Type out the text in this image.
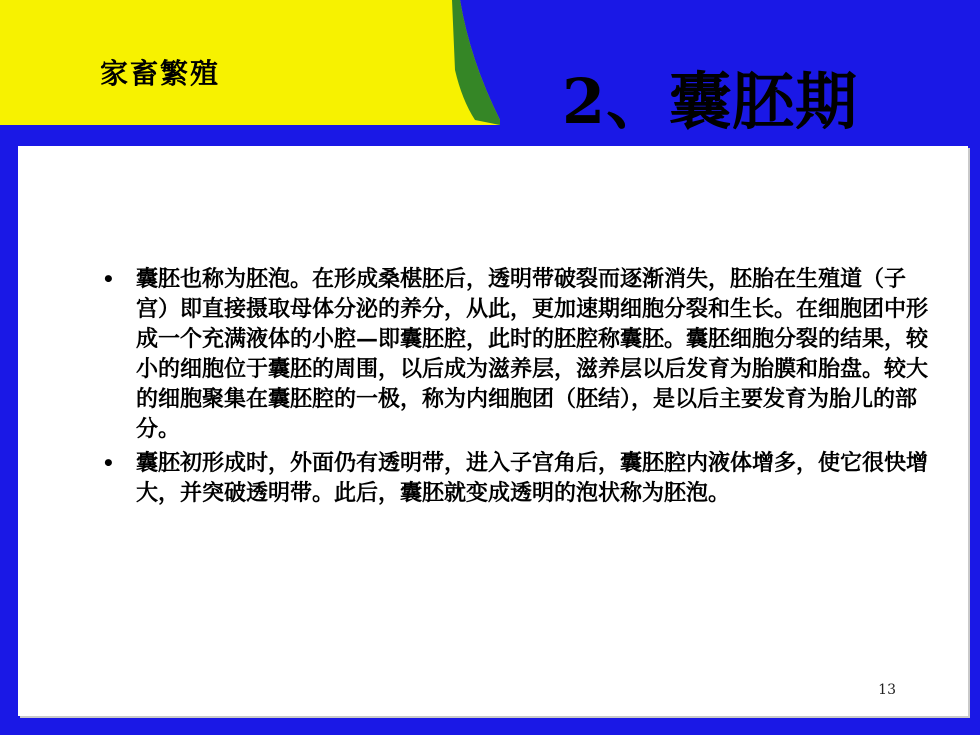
家畜繁殖	2、囊胚期
• 囊胚也称为胚泡。在形成桑椹胚后，透明带破裂而逐渐消失，胚胎在生殖道（子宫）即直接摄取母体分泌的养分，从此，更加速期细胞分裂和生长。在细胞团中形成一个充满液体的小腔—即囊胚腔，此时的胚腔称囊胚。囊胚细胞分裂的结果，较小的细胞位于囊胚的周围，以后成为滋养层，滋养层以后发育为胎膜和胎盘。较大的细胞聚集在囊胚腔的一极，称为内细胞团（胚结），是以后主要发育为胎儿的部分。
• 囊胚初形成时，外面仍有透明带，进入子宫角后，囊胚腔内液体增多，使它很快增大，并突破透明带。此后，囊胚就变成透明的泡状称为胚泡。
13
